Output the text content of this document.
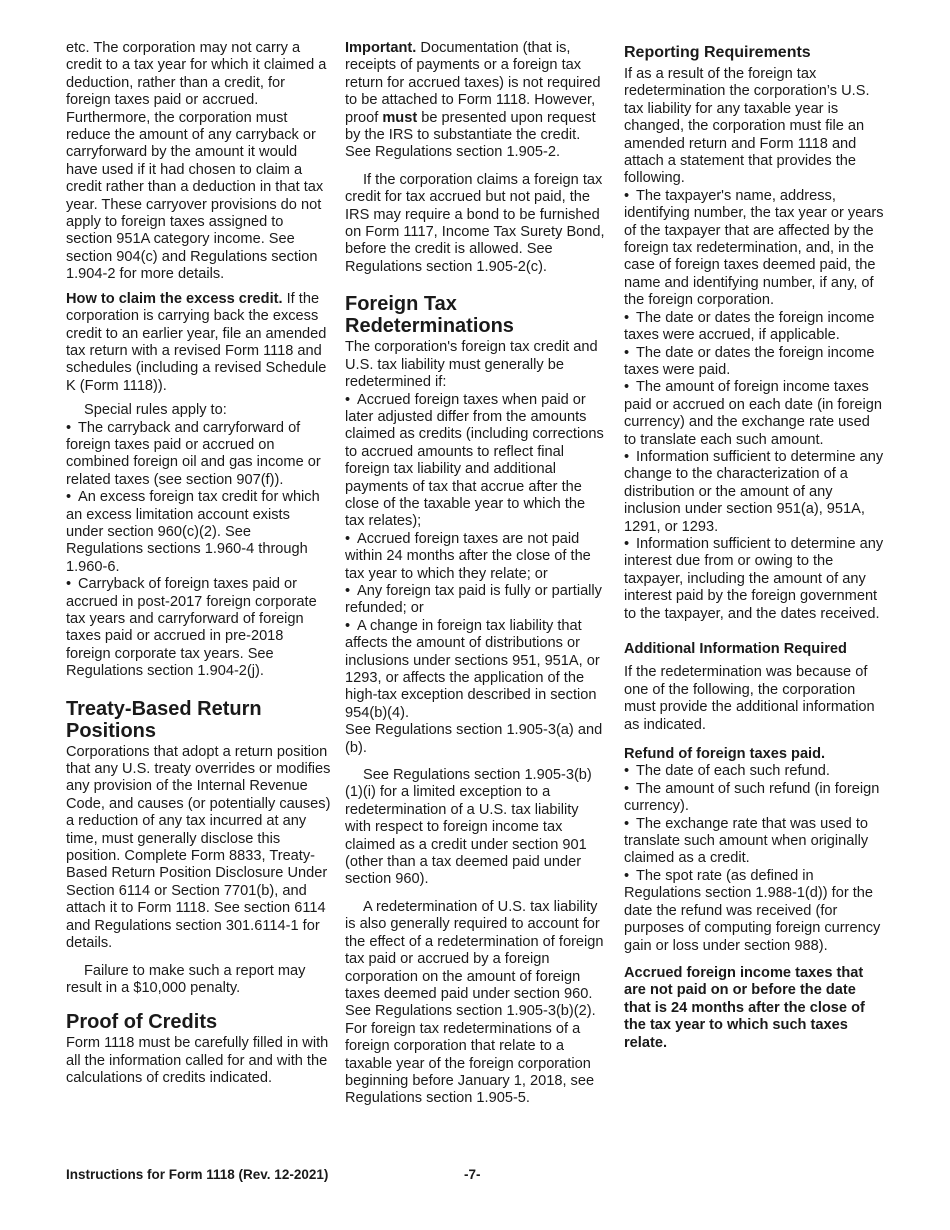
etc. The corporation may not carry a credit to a tax year for which it claimed a deduction, rather than a credit, for foreign taxes paid or accrued. Furthermore, the corporation must reduce the amount of any carryback or carryforward by the amount it would have used if it had chosen to claim a credit rather than a deduction in that tax year. These carryover provisions do not apply to foreign taxes assigned to section 951A category income. See section 904(c) and Regulations section 1.904-2 for more details.

How to claim the excess credit. If the corporation is carrying back the excess credit to an earlier year, file an amended tax return with a revised Form 1118 and schedules (including a revised Schedule K (Form 1118)).

Special rules apply to:

• The carryback and carryforward of foreign taxes paid or accrued on combined foreign oil and gas income or related taxes (see section 907(f)).
• An excess foreign tax credit for which an excess limitation account exists under section 960(c)(2). See Regulations sections 1.960-4 through 1.960-6.
• Carryback of foreign taxes paid or accrued in post-2017 foreign corporate tax years and carryforward of foreign taxes paid or accrued in pre-2018 foreign corporate tax years. See Regulations section 1.904-2(j).
Treaty-Based Return Positions

Corporations that adopt a return position that any U.S. treaty overrides or modifies any provision of the Internal Revenue Code, and causes (or potentially causes) a reduction of any tax incurred at any time, must generally disclose this position. Complete Form 8833, Treaty-Based Return Position Disclosure Under Section 6114 or Section 7701(b), and attach it to Form 1118. See section 6114 and Regulations section 301.6114-1 for details.

Failure to make such a report may result in a $10,000 penalty.

Proof of Credits

Form 1118 must be carefully filled in with all the information called for and with the calculations of credits indicated.

Important. Documentation (that is, receipts of payments or a foreign tax return for accrued taxes) is not required to be attached to Form 1118. However, proof must be presented upon request by the IRS to substantiate the credit. See Regulations section 1.905-2.

If the corporation claims a foreign tax credit for tax accrued but not paid, the IRS may require a bond to be furnished on Form 1117, Income Tax Surety Bond, before the credit is allowed. See Regulations section 1.905-2(c).

Foreign Tax Redeterminations

The corporation's foreign tax credit and U.S. tax liability must generally be redetermined if:

• Accrued foreign taxes when paid or later adjusted differ from the amounts claimed as credits (including corrections to accrued amounts to reflect final foreign tax liability and additional payments of tax that accrue after the close of the taxable year to which the tax relates);
• Accrued foreign taxes are not paid within 24 months after the close of the tax year to which they relate; or
• Any foreign tax paid is fully or partially refunded; or
• A change in foreign tax liability that affects the amount of distributions or inclusions under sections 951, 951A, or 1293, or affects the application of the high-tax exception described in section 954(b)(4).

See Regulations section 1.905-3(a) and (b).

See Regulations section 1.905-3(b)(1)(i) for a limited exception to a redetermination of a U.S. tax liability with respect to foreign income tax claimed as a credit under section 901 (other than a tax deemed paid under section 960).

A redetermination of U.S. tax liability is also generally required to account for the effect of a redetermination of foreign tax paid or accrued by a foreign corporation on the amount of foreign taxes deemed paid under section 960. See Regulations section 1.905-3(b)(2). For foreign tax redeterminations of a foreign corporation that relate to a taxable year of the foreign corporation beginning before January 1, 2018, see Regulations section 1.905-5.

Reporting Requirements

If as a result of the foreign tax redetermination the corporation’s U.S. tax liability for any taxable year is changed, the corporation must file an amended return and Form 1118 and attach a statement that provides the following.

• The taxpayer's name, address, identifying number, the tax year or years of the taxpayer that are affected by the foreign tax redetermination, and, in the case of foreign taxes deemed paid, the name and identifying number, if any, of the foreign corporation.
• The date or dates the foreign income taxes were accrued, if applicable.
• The date or dates the foreign income taxes were paid.
• The amount of foreign income taxes paid or accrued on each date (in foreign currency) and the exchange rate used to translate each such amount.
• Information sufficient to determine any change to the characterization of a distribution or the amount of any inclusion under section 951(a), 951A, 1291, or 1293.
• Information sufficient to determine any interest due from or owing to the taxpayer, including the amount of any interest paid by the foreign government to the taxpayer, and the dates received.
Additional Information Required

If the redetermination was because of one of the following, the corporation must provide the additional information as indicated.

Refund of foreign taxes paid.

• The date of each such refund.
• The amount of such refund (in foreign currency).
• The exchange rate that was used to translate such amount when originally claimed as a credit.
• The spot rate (as defined in Regulations section 1.988-1(d)) for the date the refund was received (for purposes of computing foreign currency gain or loss under section 988).

Accrued foreign income taxes that are not paid on or before the date that is 24 months after the close of the tax year to which such taxes relate.

Instructions for Form 1118 (Rev. 12-2021)	-7-
